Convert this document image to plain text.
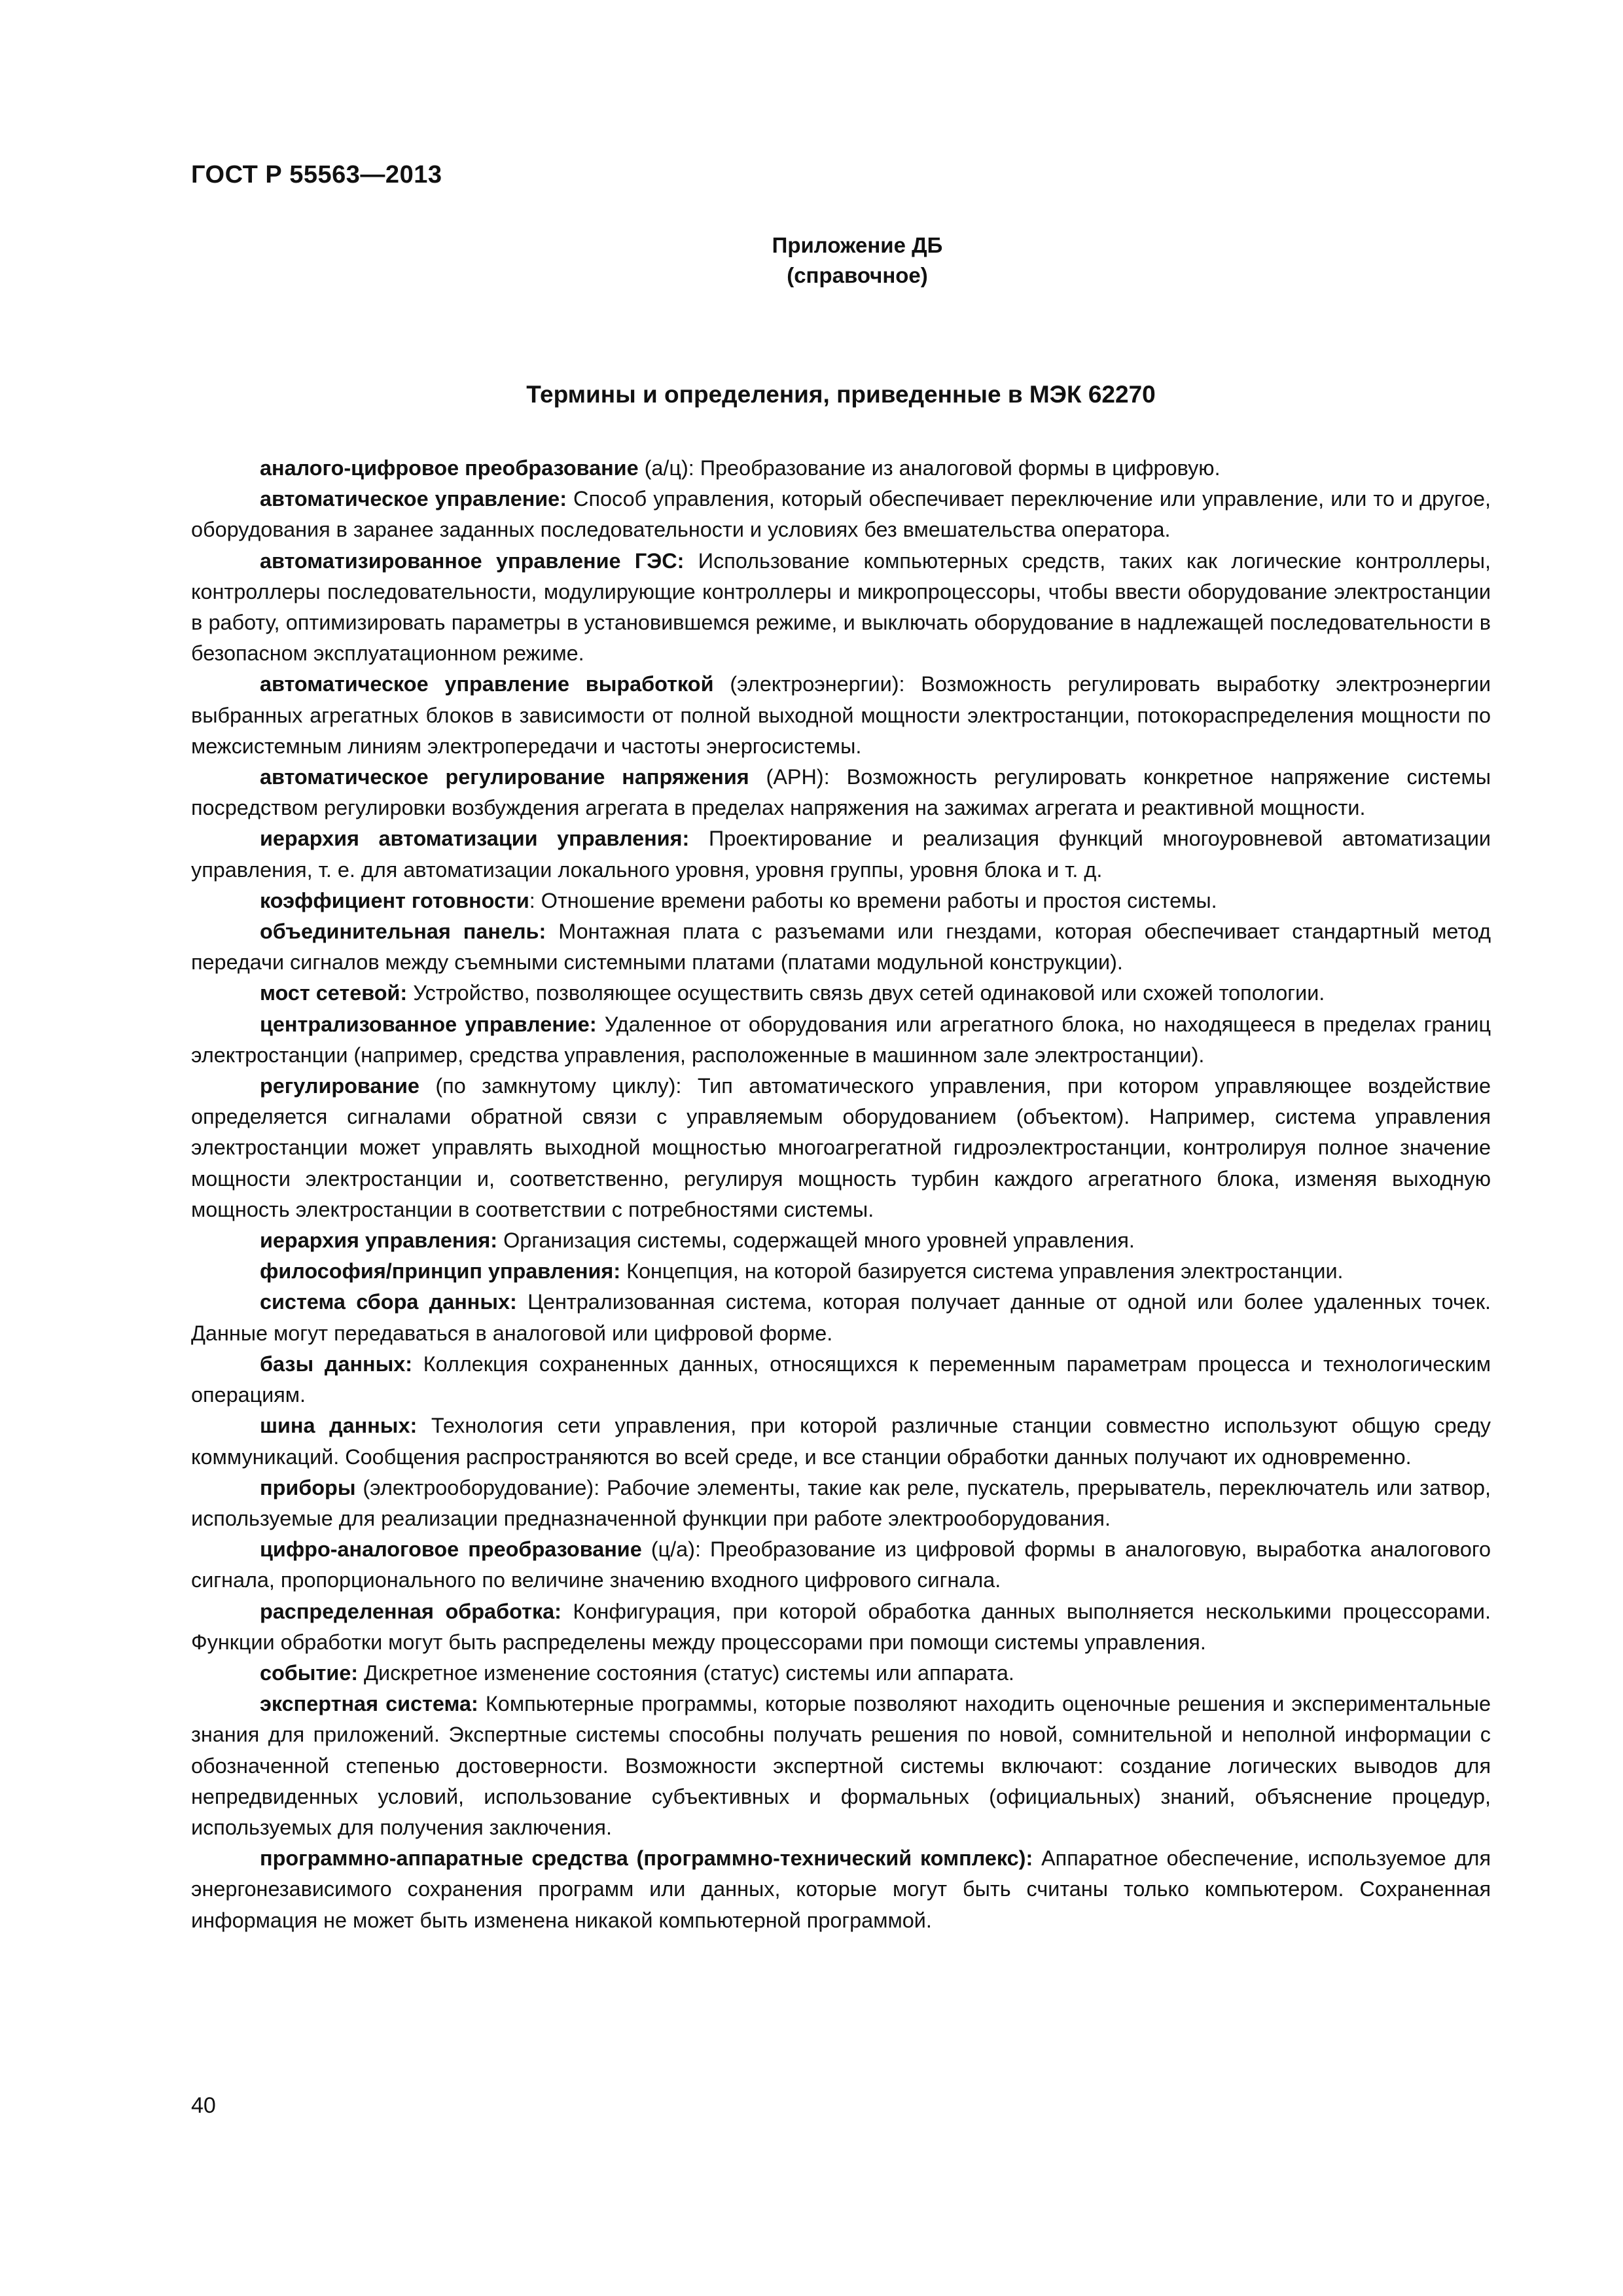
ГОСТ Р 55563—2013
Приложение ДБ
(справочное)
Термины и определения, приведенные в МЭК 62270

аналого-цифровое преобразование (а/ц): Преобразование из аналоговой формы в цифровую.

автоматическое управление: Способ управления, который обеспечивает переключение или управление, или то и другое, оборудования в заранее заданных последовательности и условиях без вмешательства оператора.

автоматизированное управление ГЭС: Использование компьютерных средств, таких как логические контроллеры, контроллеры последовательности, модулирующие контроллеры и микропроцессоры, чтобы ввести оборудование электростанции в работу, оптимизировать параметры в установившемся режиме, и выключать оборудование в надлежащей последовательности в безопасном эксплуатационном режиме.

автоматическое управление выработкой (электроэнергии): Возможность регулировать выработку электроэнергии выбранных агрегатных блоков в зависимости от полной выходной мощности электростанции, потокораспределения мощности по межсистемным линиям электропередачи и частоты энергосистемы.

автоматическое регулирование напряжения (АРН): Возможность регулировать конкретное напряжение системы посредством регулировки возбуждения агрегата в пределах напряжения на зажимах агрегата и реактивной мощности.

иерархия автоматизации управления: Проектирование и реализация функций многоуровневой автоматизации управления, т. е. для автоматизации локального уровня, уровня группы, уровня блока и т. д.

коэффициент готовности: Отношение времени работы ко времени работы и простоя системы.

объединительная панель: Монтажная плата с разъемами или гнездами, которая обеспечивает стандартный метод передачи сигналов между съемными системными платами (платами модульной конструкции).

мост сетевой: Устройство, позволяющее осуществить связь двух сетей одинаковой или схожей топологии.

централизованное управление: Удаленное от оборудования или агрегатного блока, но находящееся в пределах границ электростанции (например, средства управления, расположенные в машинном зале электростанции).

регулирование (по замкнутому циклу): Тип автоматического управления, при котором управляющее воздействие определяется сигналами обратной связи с управляемым оборудованием (объектом). Например, система управления электростанции может управлять выходной мощностью многоагрегатной гидроэлектростанции, контролируя полное значение мощности электростанции и, соответственно, регулируя мощность турбин каждого агрегатного блока, изменяя выходную мощность электростанции в соответствии с потребностями системы.

иерархия управления: Организация системы, содержащей много уровней управления.

философия/принцип управления: Концепция, на которой базируется система управления электростанции.

система сбора данных: Централизованная система, которая получает данные от одной или более удаленных точек. Данные могут передаваться в аналоговой или цифровой форме.

базы данных: Коллекция сохраненных данных, относящихся к переменным параметрам процесса и технологическим операциям.

шина данных: Технология сети управления, при которой различные станции совместно используют общую среду коммуникаций. Сообщения распространяются во всей среде, и все станции обработки данных получают их одновременно.

приборы (электрооборудование): Рабочие элементы, такие как реле, пускатель, прерыватель, переключатель или затвор, используемые для реализации предназначенной функции при работе электрооборудования.

цифро-аналоговое преобразование (ц/а): Преобразование из цифровой формы в аналоговую, выработка аналогового сигнала, пропорционального по величине значению входного цифрового сигнала.

распределенная обработка: Конфигурация, при которой обработка данных выполняется несколькими процессорами. Функции обработки могут быть распределены между процессорами при помощи системы управления.

событие: Дискретное изменение состояния (статус) системы или аппарата.

экспертная система: Компьютерные программы, которые позволяют находить оценочные решения и экспериментальные знания для приложений. Экспертные системы способны получать решения по новой, сомнительной и неполной информации с обозначенной степенью достоверности. Возможности экспертной системы включают: создание логических выводов для непредвиденных условий, использование субъективных и формальных (официальных) знаний, объяснение процедур, используемых для получения заключения.

программно-аппаратные средства (программно-технический комплекс): Аппаратное обеспечение, используемое для энергонезависимого сохранения программ или данных, которые могут быть считаны только компьютером. Сохраненная информация не может быть изменена никакой компьютерной программой.

40
